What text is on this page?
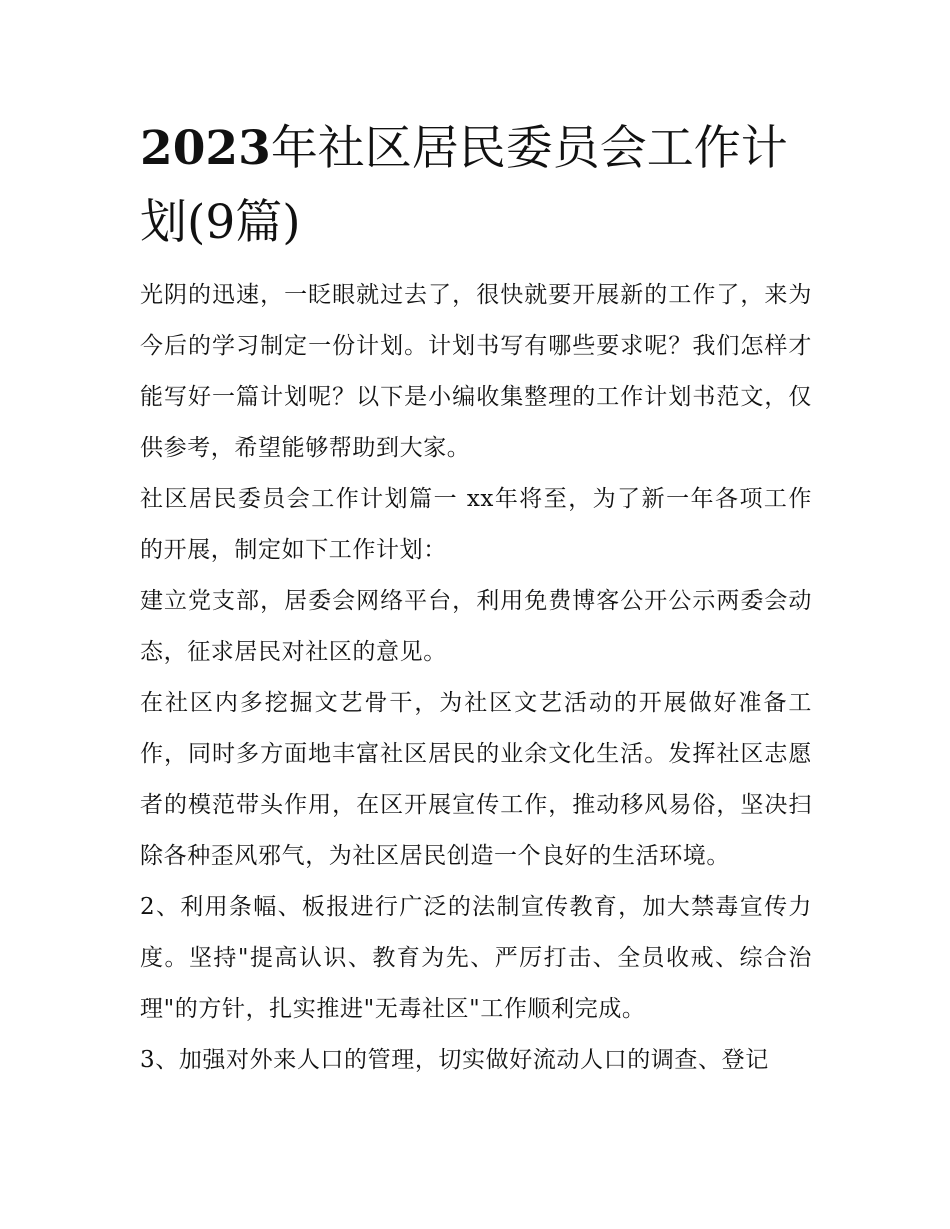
2023年社区居民委员会工作计划(9篇)

光阴的迅速，一眨眼就过去了，很快就要开展新的工作了，来为今后的学习制定一份计划。计划书写有哪些要求呢？我们怎样才能写好一篇计划呢？以下是小编收集整理的工作计划书范文，仅供参考，希望能够帮助到大家。

社区居民委员会工作计划篇一 xx年将至，为了新一年各项工作的开展，制定如下工作计划：

建立党支部，居委会网络平台，利用免费博客公开公示两委会动态，征求居民对社区的意见。

在社区内多挖掘文艺骨干，为社区文艺活动的开展做好准备工作，同时多方面地丰富社区居民的业余文化生活。发挥社区志愿者的模范带头作用，在区开展宣传工作，推动移风易俗，坚决扫除各种歪风邪气，为社区居民创造一个良好的生活环境。

2、利用条幅、板报进行广泛的法制宣传教育，加大禁毒宣传力度。坚持"提高认识、教育为先、严厉打击、全员收戒、综合治理"的方针，扎实推进"无毒社区"工作顺利完成。

3、加强对外来人口的管理，切实做好流动人口的调查、登记
